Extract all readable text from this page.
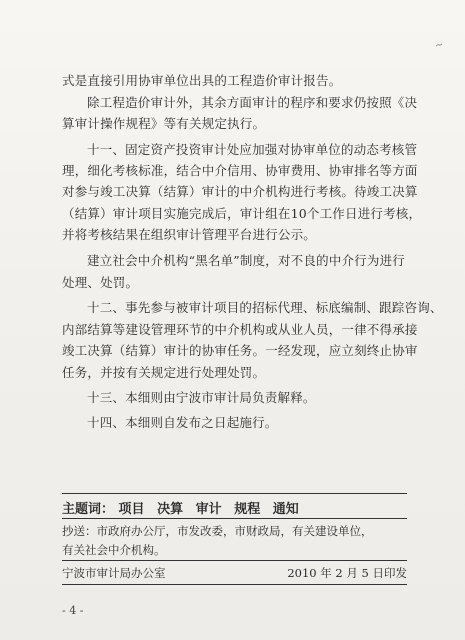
~

式是直接引用协审单位出具的工程造价审计报告。

除工程造价审计外，其余方面审计的程序和要求仍按照《决

算审计操作规程》等有关规定执行。

十一、固定资产投资审计处应加强对协审单位的动态考核管

理，细化考核标准，结合中介信用、协审费用、协审排名等方面

对参与竣工决算（结算）审计的中介机构进行考核。待竣工决算

（结算）审计项目实施完成后，审计组在10个工作日进行考核，

并将考核结果在组织审计管理平台进行公示。

建立社会中介机构“黑名单”制度，对不良的中介行为进行

处理、处罚。

十二、事先参与被审计项目的招标代理、标底编制、跟踪咨询、

内部结算等建设管理环节的中介机构或从业人员，一律不得承接

竣工决算（结算）审计的协审任务。一经发现，应立刻终止协审

任务，并按有关规定进行处理处罚。

十三、本细则由宁波市审计局负责解释。

十四、本细则自发布之日起施行。

主题词： 项目 决算 审计 规程 通知
抄送：市政府办公厅，市发改委，市财政局，有关建设单位，
有关社会中介机构。
宁波市审计局办公室	2010 年 2 月 5 日印发
- 4 -
